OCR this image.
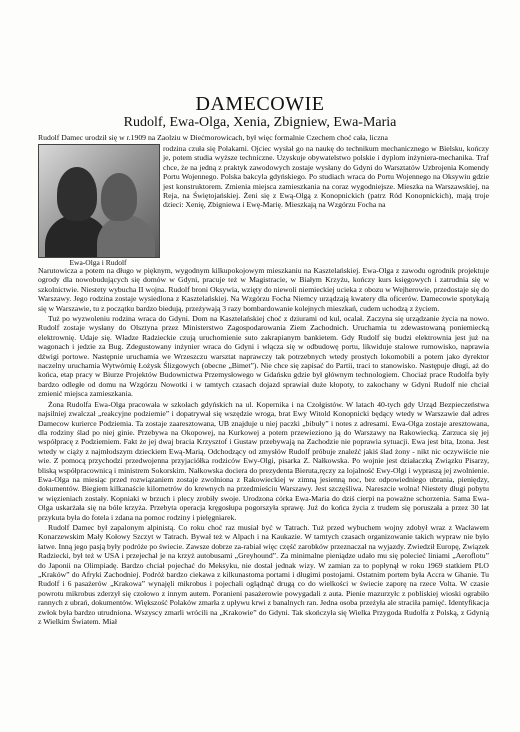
DAMECOWIE
Rudolf, Ewa-Olga, Xenia, Zbigniew, Ewa-Maria
Rudolf Damec urodził się w r.1909 na Zaolziu w Dieċmorowicach, był więc formalnie Czechem choć cała, liczna
Ewa-Olga i Rudolf

rodzina czuła się Polakami. Ojciec wysłał go na naukę do technikum mechanicznego w Bielsku, kończy je, potem studia wyższe techniczne. Uzyskuje obywatelstwo polskie i dyplom inżyniera-mechanika. Traf chce, że na jedną z praktyk zawodowych zostaje wysłany do Gdyni do Warsztatów Uzbrojenia Komendy Portu Wojennego. Polska bakcyla gdyńskiego. Po studiach wraca do Portu Wojennego na Oksywiu gdzie jest konstruktorem. Zmienia miejsca zamieszkania na coraz wygodniejsze. Mieszka na Warszawskiej, na Reja, na Świętojańskiej. Żeni się z Ewą-Olgą z Konopnickich (patrz Ród Konopnickich), mają troje dzieci: Xenię, Zbigniewa i Ewę-Marię. Mieszkają na Wzgórzu Focha na

Narutowicza a potem na długo w pięknym, wygodnym kilkupokojowym mieszkaniu na Kasztelańskiej. Ewa-Olga z zawodu ogrodnik projektuje ogrody dla nowobudujących się domów w Gdyni, pracuje też w Magistracie, w Białym Krzyżu, kończy kurs księgowych i zatrudnia się w szkolnictwie. Niestety wybucha II wojna. Rudolf broni Oksywia, wzięty do niewoli niemieckiej ucieka z obozu w Wejherowie, przedostaje się do Warszawy. Jego rodzina zostaje wysiedlona z Kasztelańskiej. Na Wzgórzu Focha Niemcy urządzają kwatery dla oficerów. Damecowie spotykają się w Warszawie, tu z początku bardzo biedują, przeżywają 3 razy bombardowanie kolejnych mieszkań, cudem uchodzą z życiem.

Tuż po wyzwoleniu rodzina wraca do Gdyni. Dom na Kasztelańskiej choć z dziurami od kul, ocalał. Zaczyna się urządzanie życia na nowo. Rudolf zostaje wysłany do Olsztyna przez Ministerstwo Zagospodarowania Ziem Zachodnich. Uruchamia tu zdewastowaną poniemiecką elektrownię. Udaje się. Władze Radzieckie czują uruchomienie suto zakrapianym bankietem. Gdy Rudolf się budzi elektrownia jest już na wagonach i jedzie za Bug. Zdegustowany inżynier wraca do Gdyni i włącza się w odbudowę portu, likwiduje stalowe rumowisko, naprawia dźwigi portowe. Następnie uruchamia we Wrzeszczu warsztat naprawczy tak potrzebnych wtedy prostych lokomobili a potem jako dyrektor naczelny uruchamia Wytwórnię Łożysk Ślizgowych (obecne „Bimet”). Nie chce się zapisać do Partii, traci to stanowisko. Następuje długi, aż do końca, etap pracy w Biurze Projektów Budownictwa Przemysłowego w Gdańsku gdzie był głównym technologiem. Chociaż prace Rudolfa były bardzo odległe od domu na Wzgórzu Nowotki i w tamtych czasach dojazd sprawiał duże kłopoty, to zakochany w Gdyni Rudolf nie chciał zmienić miejsca zamieszkania.

Żona Rudolfa Ewa-Olga pracowała w szkołach gdyńskich na ul. Kopernika i na Czołgistów. W latach 40-tych gdy Urząd Bezpieczeństwa najsilniej zwalczał „reakcyjne podziemie” i dopatrywał się wszędzie wroga, brat Ewy Witold Konopnicki będący wtedy w Warszawie dał adres Damecow kurierce Podziemia. Ta zostaje zaaresztowana, UB znajduje u niej paczki „bibuły” i notes z adresami. Ewa-Olga zostaje aresztowana, dla rodziny ślad po niej ginie. Przebywa na Okopowej, na Kurkowej a potem przewieziono ją do Warszawy na Rakowiecką. Zarzuca się jej współpracę z Podziemiem. Fakt że jej dwaj bracia Krzysztof i Gustaw przebywają na Zachodzie nie poprawia sytuacji. Ewa jest bita, Izona. Jest wtedy w ciąży z najmłodszym dzieckiem Ewą-Marią. Odchodzący od zmysłów Rudolf próbuje znaleźć jakiś ślad żony - nikt nic oczywiście nie wie. Z pomocą przychodzi przedwojenna przyjaciółka rodziców Ewy-Olgi, pisarka Z. Nałkowska. Po wojnie jest działaczką Związku Pisarzy, bliską współpracownicą i ministrem Sokorskim. Nałkowska dociera do prezydenta Bieruta,ręczy za lojalność Ewy-Olgi i wypraszą jej zwolnienie. Ewa-Olga na miesiąc przed rozwiązaniem zostaje zwolniona z Rakowieckiej w zimną jesienną noc, bez odpowiedniego ubrania, pieniędzy, dokumentów. Biegiem kilkanaście kilometrów do krewnych na przedmieściu Warszawy. Jest szczęśliwa. Nareszcie wolna! Niestety długi pobytu w więzieniach zostały. Kopniaki w brzuch i plecy zrobiły swoje. Urodzona córka Ewa-Maria do dziś cierpi na poważne schorzenia. Sama Ewa-Olga uskarżała się na bóle krzyża. Przebyta operacja kręgosłupa pogorszyła sprawę. Już do końca życia z trudem się poruszała a przez 30 lat przykuta była do fotela i zdana na pomoc rodziny i pielęgniarek.

Rudolf Damec był zapalonym alpinistą. Co roku choć raz musiał być w Tatrach. Tuż przed wybuchem wojny zdobył wraz z Wacławem Konarzewskim Mały Kołowy Szczyt w Tatrach. Bywał też w Alpach i na Kaukazie. W tamtych czasach organizowanie takich wypraw nie było łatwe. Inną jego pasją były podróże po świecie. Zawsze dobrze za-rabiał więc część zarobków przeznaczał na wyjazdy. Zwiedził Europę, Związek Radziecki, był też w USA i przejechał je na krzyż autobusami „Greyhound”. Za minimalne pieniądze udało mu się polecieć liniami „Aeroflotu” do Japonii na Olimpiadę. Bardzo chciał pojechać do Meksyku, nie dostał jednak wizy. W zamian za to popłynął w roku 1969 statkiem PLO „Kraków” do Afryki Zachodniej. Podróż bardzo ciekawa z kilkunastoma portami i długimi postojami. Ostatnim portem była Accra w Ghanie. Tu Rudolf i 6 pasażerów „Krakowa” wynajęli mikrobus i pojechali oglądnąć drugą co do wielkości w świecie zaporę na rzece Volta. W czasie powrotu mikrobus zderzył się czołowo z innym autem. Poranieni pasażerowie powygadali z auta. Pienie mazurzyłc z pobliskiej wioski ograbiło rannych z ubrań, dokumentów. Większość Polaków zmarła z upływu krwi z banalnych ran. Jedna osoba przeżyła ale straciła pamięć. Identyfikacja zwłok była bardzo utrudniona. Wszyscy zmarli wrócili na „Krakowie” do Gdyni. Tak skończyła się Wielka Przygoda Rudolfa z Polską, z Gdynią z Wielkim Światem. Miał
